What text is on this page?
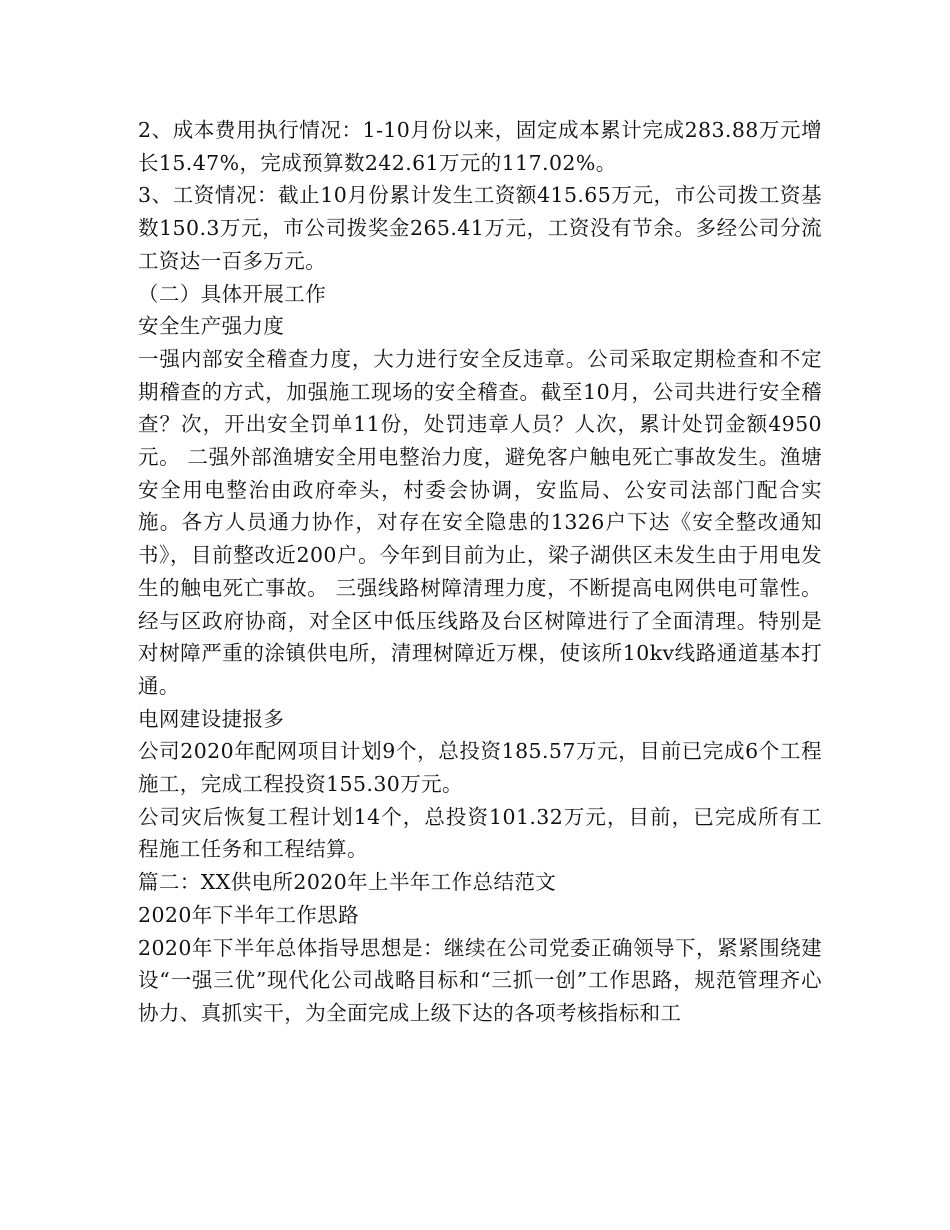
2、成本费用执行情况：1-10月份以来，固定成本累计完成283.88万元增长15.47%，完成预算数242.61万元的117.02%。

3、工资情况：截止10月份累计发生工资额415.65万元，市公司拨工资基数150.3万元，市公司拨奖金265.41万元，工资没有节余。多经公司分流工资达一百多万元。

（二）具体开展工作

安全生产强力度

一强内部安全稽查力度，大力进行安全反违章。公司采取定期检查和不定期稽查的方式，加强施工现场的安全稽查。截至10月，公司共进行安全稽查？次，开出安全罚单11份，处罚违章人员？人次，累计处罚金额4950元。 二强外部渔塘安全用电整治力度，避免客户触电死亡事故发生。渔塘安全用电整治由政府牵头，村委会协调，安监局、公安司法部门配合实施。各方人员通力协作，对存在安全隐患的1326户下达《安全整改通知书》，目前整改近200户。今年到目前为止，梁子湖供区未发生由于用电发生的触电死亡事故。 三强线路树障清理力度，不断提高电网供电可靠性。经与区政府协商，对全区中低压线路及台区树障进行了全面清理。特别是对树障严重的涂镇供电所，清理树障近万棵，使该所10kv线路通道基本打通。

电网建设捷报多

公司2020年配网项目计划9个，总投资185.57万元，目前已完成6个工程施工，完成工程投资155.30万元。

公司灾后恢复工程计划14个，总投资101.32万元，目前，已完成所有工程施工任务和工程结算。

篇二：XX供电所2020年上半年工作总结范文

2020年下半年工作思路

2020年下半年总体指导思想是：继续在公司党委正确领导下，紧紧围绕建设“一强三优”现代化公司战略目标和“三抓一创”工作思路，规范管理齐心协力、真抓实干，为全面完成上级下达的各项考核指标和工
